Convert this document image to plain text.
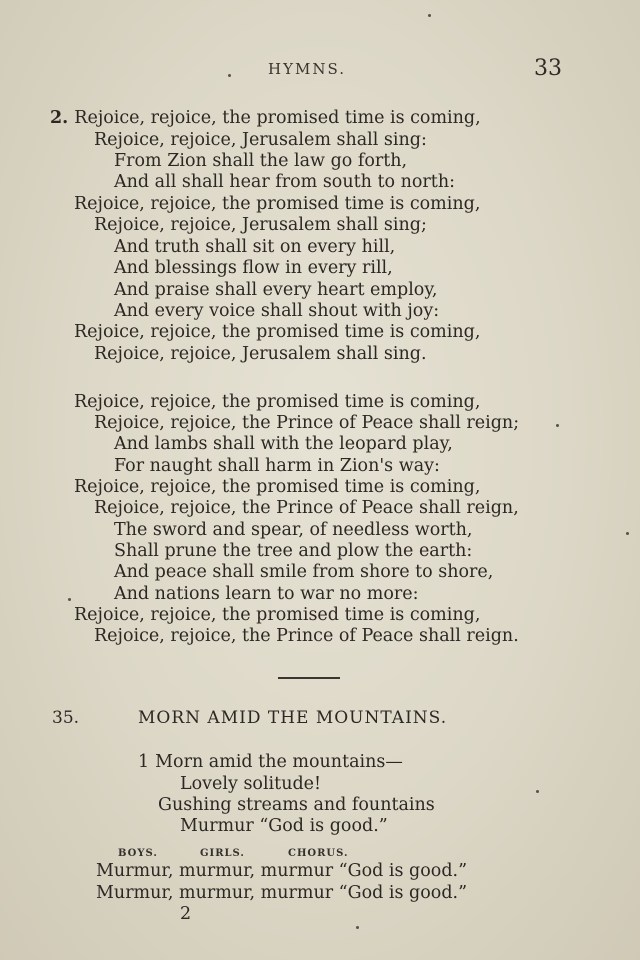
HYMNS.	33
2. Rejoice, rejoice, the promised time is coming,
Rejoice, rejoice, Jerusalem shall sing:
From Zion shall the law go forth,
And all shall hear from south to north:
Rejoice, rejoice, the promised time is coming,
Rejoice, rejoice, Jerusalem shall sing;
And truth shall sit on every hill,
And blessings flow in every rill,
And praise shall every heart employ,
And every voice shall shout with joy:
Rejoice, rejoice, the promised time is coming,
Rejoice, rejoice, Jerusalem shall sing.
Rejoice, rejoice, the promised time is coming,
Rejoice, rejoice, the Prince of Peace shall reign;
And lambs shall with the leopard play,
For naught shall harm in Zion's way:
Rejoice, rejoice, the promised time is coming,
Rejoice, rejoice, the Prince of Peace shall reign,
The sword and spear, of needless worth,
Shall prune the tree and plow the earth:
And peace shall smile from shore to shore,
And nations learn to war no more:
Rejoice, rejoice, the promised time is coming,
Rejoice, rejoice, the Prince of Peace shall reign.
35.	MORN AMID THE MOUNTAINS.
1 Morn amid the mountains—
Lovely solitude!
Gushing streams and fountains
Murmur “God is good.”
BOYS.	GIRLS.	CHORUS.
Murmur, murmur, murmur “God is good.”
Murmur, murmur, murmur “God is good.”
2
